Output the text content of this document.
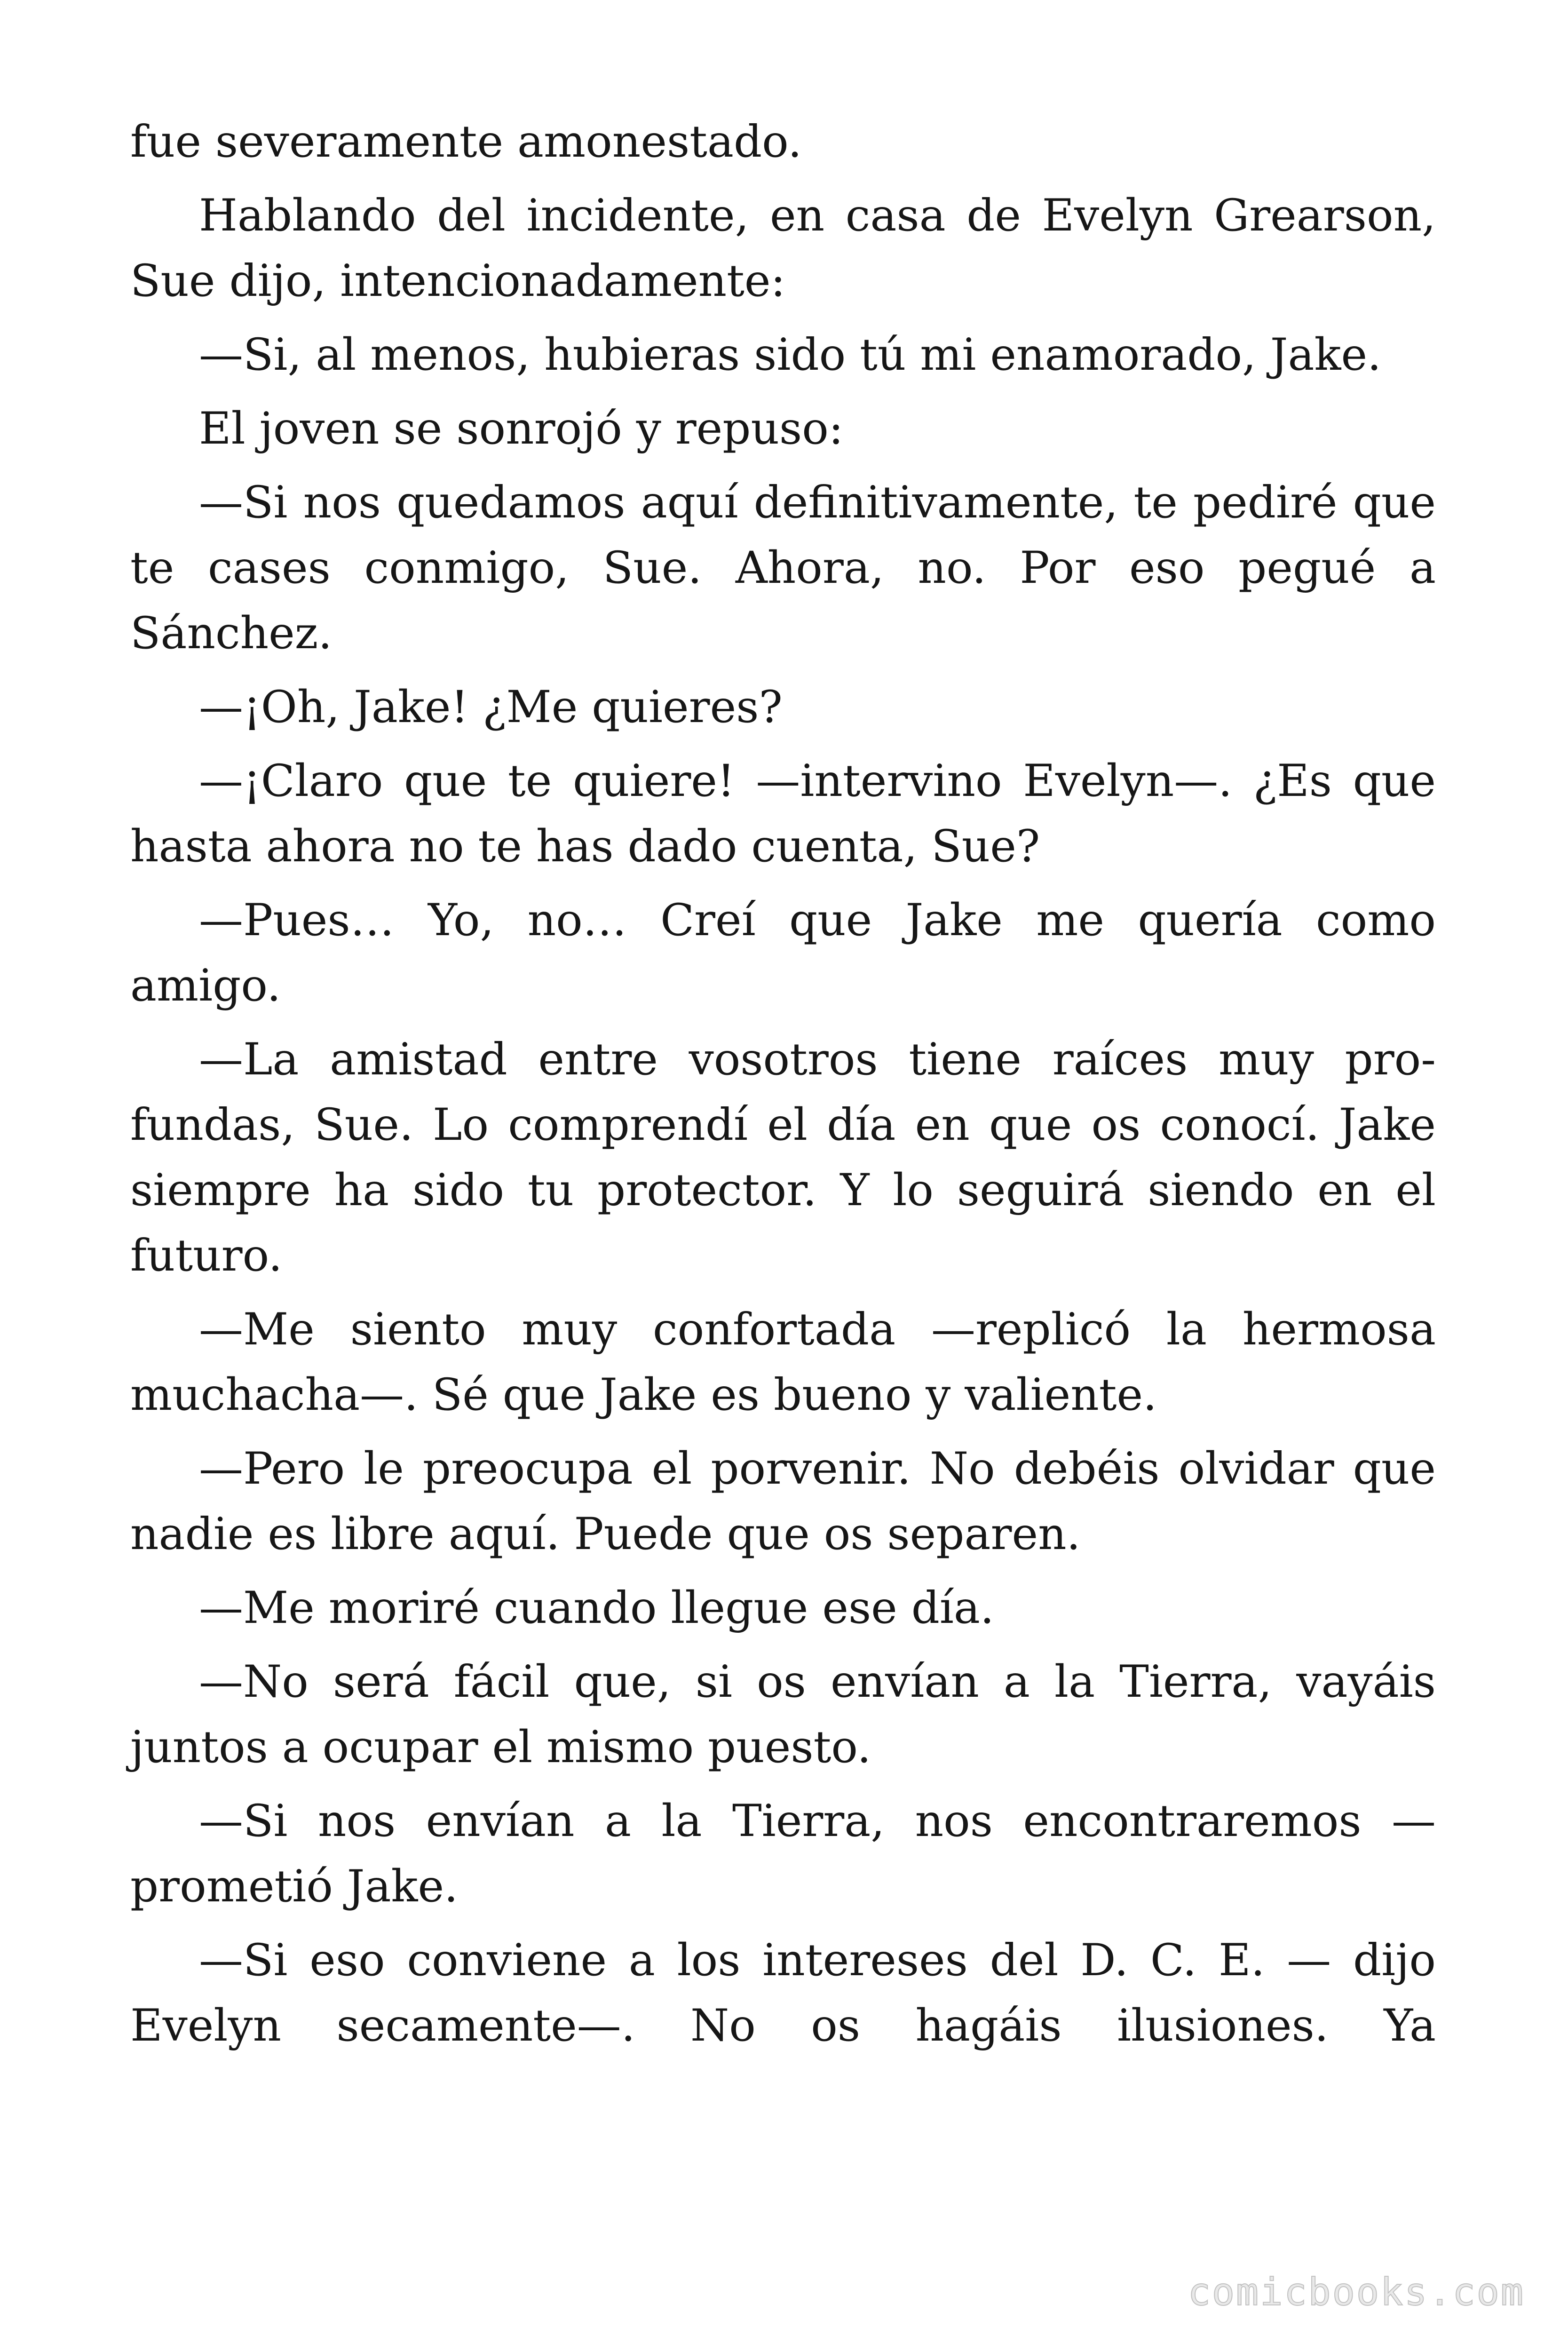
fue severamente amonestado.

Hablando del incidente, en casa de Evelyn Grearson, Sue dijo, intencionadamente:

—Si, al menos, hubieras sido tú mi enamorado, Jake.

El joven se sonrojó y repuso:

—Si nos quedamos aquí definitivamente, te pediré que te cases conmigo, Sue. Ahora, no. Por eso pegué a Sánchez.

—¡Oh, Jake! ¿Me quieres?

—¡Claro que te quiere! —intervino Evelyn—. ¿Es que hasta ahora no te has dado cuenta, Sue?

—Pues… Yo, no… Creí que Jake me quería como amigo.

—La amistad entre vosotros tiene raíces muy profundas, Sue. Lo comprendí el día en que os conocí. Jake siempre ha sido tu protector. Y lo seguirá siendo en el futuro.

—Me siento muy confortada —replicó la hermosa muchacha—. Sé que Jake es bueno y valiente.

—Pero le preocupa el porvenir. No debéis olvidar que nadie es libre aquí. Puede que os separen.

—Me moriré cuando llegue ese día.

—No será fácil que, si os envían a la Tierra, vayáis juntos a ocupar el mismo puesto.

—Si nos envían a la Tierra, nos encontraremos — prometió Jake.

—Si eso conviene a los intereses del D. C. E. — dijo Evelyn secamente—. No os hagáis ilusiones. Ya

comicbooks.com
